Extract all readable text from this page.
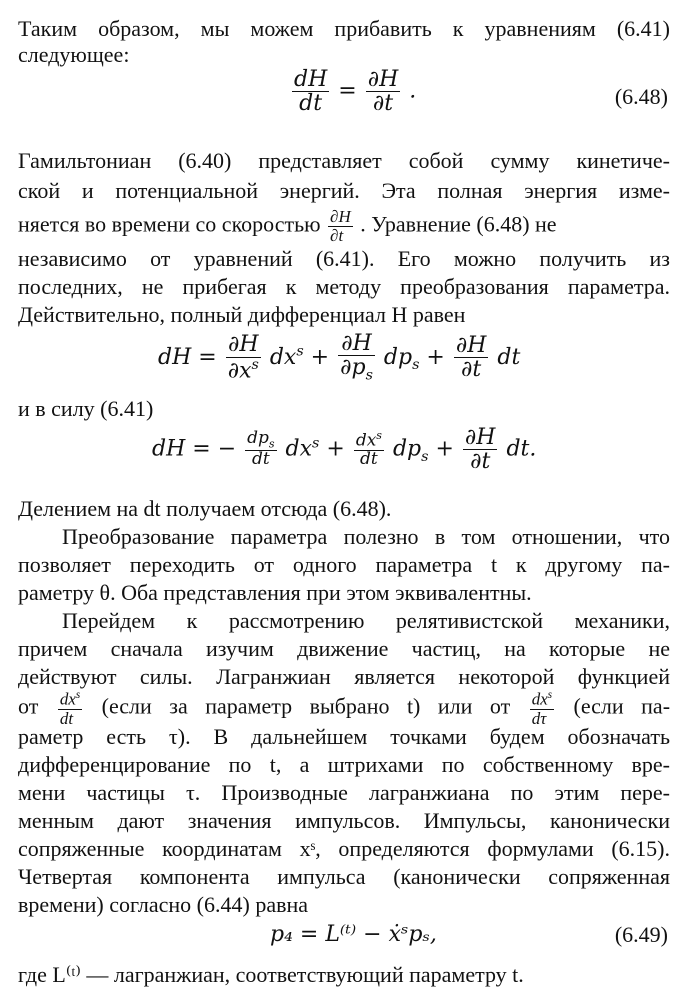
Таким образом, мы можем прибавить к уравнениям (6.41)
следующее:
$\frac{dH}{dt} = \frac{\partial H}{\partial t}$ .	(6.48)
Гамильтониан (6.40) представляет собой сумму кинетиче-
ской и потенциальной энергий. Эта полная энергия изме-
няется во времени со скоростью $\frac{\partial H}{\partial t}$ . Уравнение (6.48) не
независимо от уравнений (6.41). Его можно получить из
последних, не прибегая к методу преобразования параметра.
Действительно, полный дифференциал H равен
dH = $\frac{\partial H}{\partial x^s} dx^s + \frac{\partial H}{\partial p_s} dp_s + \frac{\partial H}{\partial t}$ dt
и в силу (6.41)
dH = − $\frac{dp_s}{dt} dx^s + \frac{dx^s}{dt} dp_s + \frac{\partial H}{\partial t}$ dt.
Делением на dt получаем отсюда (6.48).
Преобразование параметра полезно в том отношении, что
позволяет переходить от одного параметра t к другому па-
раметру θ. Оба представления при этом эквивалентны.
Перейдем к рассмотрению релятивистской механики,
причем сначала изучим движение частиц, на которые не
действуют силы. Лагранжиан является некоторой функцией
от $\frac{dx^s}{dt}$ (если за параметр выбрано t) или от $\frac{dx^s}{d\tau}$ (если па-
раметр есть τ). В дальнейшем точками будем обозначать
дифференцирование по t, а штрихами по собственному вре-
мени частицы τ. Производные лагранжиана по этим пере-
менным дают значения импульсов. Импульсы, канонически
сопряженные координатам xˢ, определяются формулами (6.15).
Четвертая компонента импульса (канонически сопряженная
времени) согласно (6.44) равна
p₄ = L⁽ᵗ⁾ − ẋˢpₛ,	(6.49)
где L⁽ᵗ⁾ — лагранжиан, соответствующий параметру t.
